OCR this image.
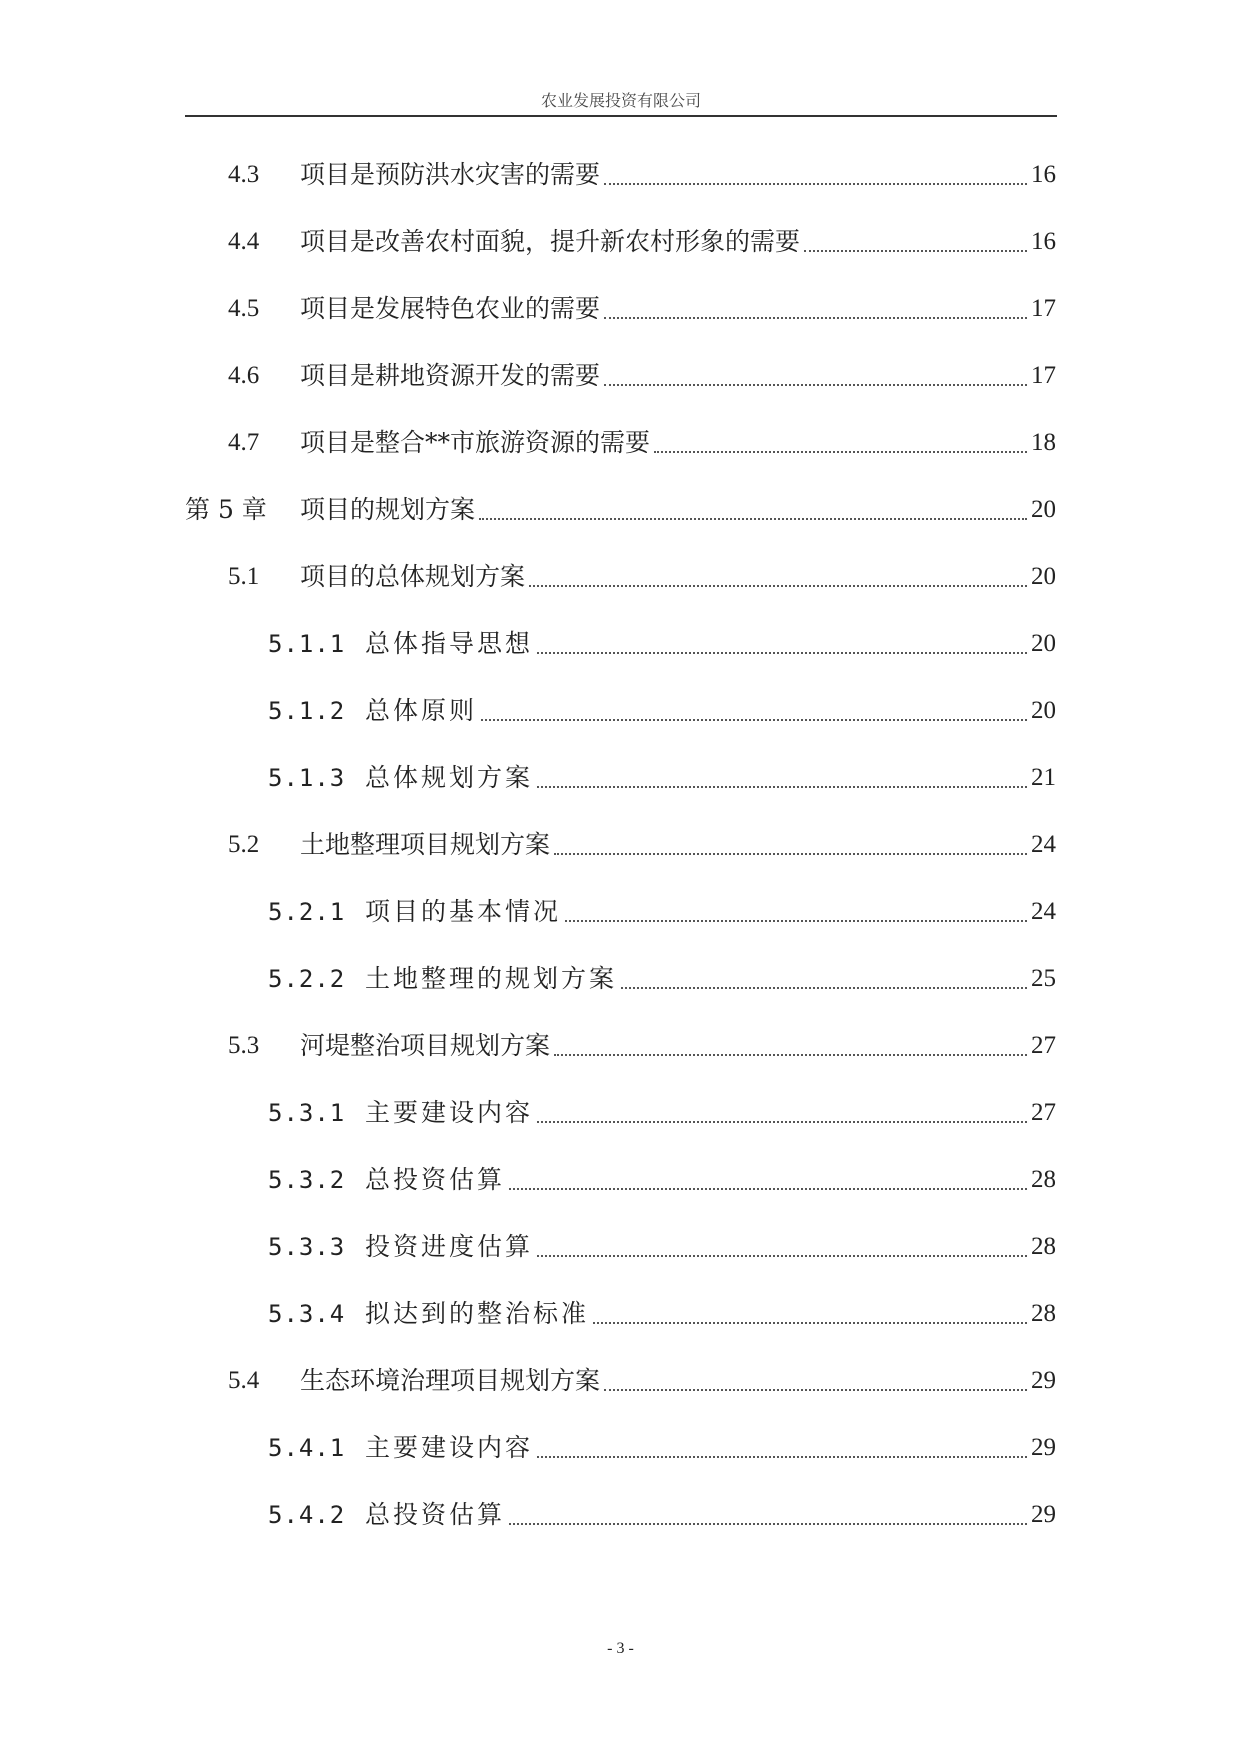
农业发展投资有限公司
4.3	项目是预防洪水灾害的需要	16
4.4	项目是改善农村面貌，提升新农村形象的需要	16
4.5	项目是发展特色农业的需要	17
4.6	项目是耕地资源开发的需要	17
4.7	项目是整合**市旅游资源的需要	18
第 5 章	项目的规划方案	20
5.1	项目的总体规划方案	20
5.1.1 总体指导思想	20
5.1.2 总体原则	20
5.1.3 总体规划方案	21
5.2	土地整理项目规划方案	24
5.2.1 项目的基本情况	24
5.2.2 土地整理的规划方案	25
5.3	河堤整治项目规划方案	27
5.3.1 主要建设内容	27
5.3.2 总投资估算	28
5.3.3 投资进度估算	28
5.3.4 拟达到的整治标准	28
5.4	生态环境治理项目规划方案	29
5.4.1 主要建设内容	29
5.4.2 总投资估算	29
- 3 -
